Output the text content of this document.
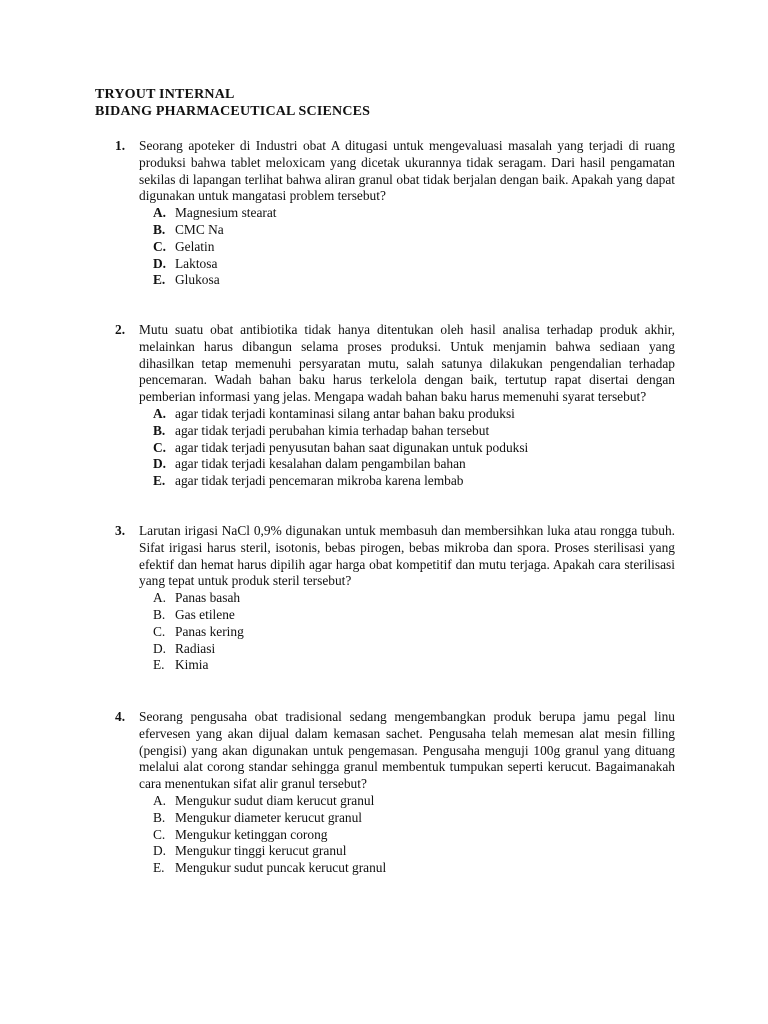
TRYOUT INTERNAL
BIDANG PHARMACEUTICAL SCIENCES
1.	Seorang apoteker di Industri obat A ditugasi untuk mengevaluasi masalah yang terjadi di ruang produksi bahwa tablet meloxicam yang dicetak ukurannya tidak seragam. Dari hasil pengamatan sekilas di lapangan terlihat bahwa aliran granul obat tidak berjalan dengan baik. Apakah yang dapat digunakan untuk mangatasi problem tersebut?
A. Magnesium stearat
B. CMC Na
C. Gelatin
D. Laktosa
E. Glukosa
2.	Mutu suatu obat antibiotika tidak hanya ditentukan oleh hasil analisa terhadap produk akhir, melainkan harus dibangun selama proses produksi. Untuk menjamin bahwa sediaan yang dihasilkan tetap memenuhi persyaratan mutu, salah satunya dilakukan pengendalian terhadap pencemaran. Wadah bahan baku harus terkelola dengan baik, tertutup rapat disertai dengan pemberian informasi yang jelas. Mengapa wadah bahan baku harus memenuhi syarat tersebut?
A. agar tidak terjadi kontaminasi silang antar bahan baku produksi
B. agar tidak terjadi perubahan kimia terhadap bahan tersebut
C. agar tidak terjadi penyusutan bahan saat digunakan untuk poduksi
D. agar tidak terjadi kesalahan dalam pengambilan bahan
E. agar tidak terjadi pencemaran mikroba karena lembab
3.	Larutan irigasi NaCl 0,9% digunakan untuk membasuh dan membersihkan luka atau rongga tubuh. Sifat irigasi harus steril, isotonis, bebas pirogen, bebas mikroba dan spora. Proses sterilisasi yang efektif dan hemat harus dipilih agar harga obat kompetitif dan mutu terjaga. Apakah cara sterilisasi yang tepat untuk produk steril tersebut?
A. Panas basah
B. Gas etilene
C. Panas kering
D. Radiasi
E. Kimia
4.	Seorang pengusaha obat tradisional sedang mengembangkan produk berupa jamu pegal linu efervesen yang akan dijual dalam kemasan sachet. Pengusaha telah memesan alat mesin filling (pengisi) yang akan digunakan untuk pengemasan. Pengusaha menguji 100g granul yang dituang melalui alat corong standar sehingga granul membentuk tumpukan seperti kerucut. Bagaimanakah cara menentukan sifat alir granul tersebut?
A. Mengukur sudut diam kerucut granul
B. Mengukur diameter kerucut granul
C. Mengukur ketinggan corong
D. Mengukur tinggi kerucut granul
E. Mengukur sudut puncak kerucut granul
